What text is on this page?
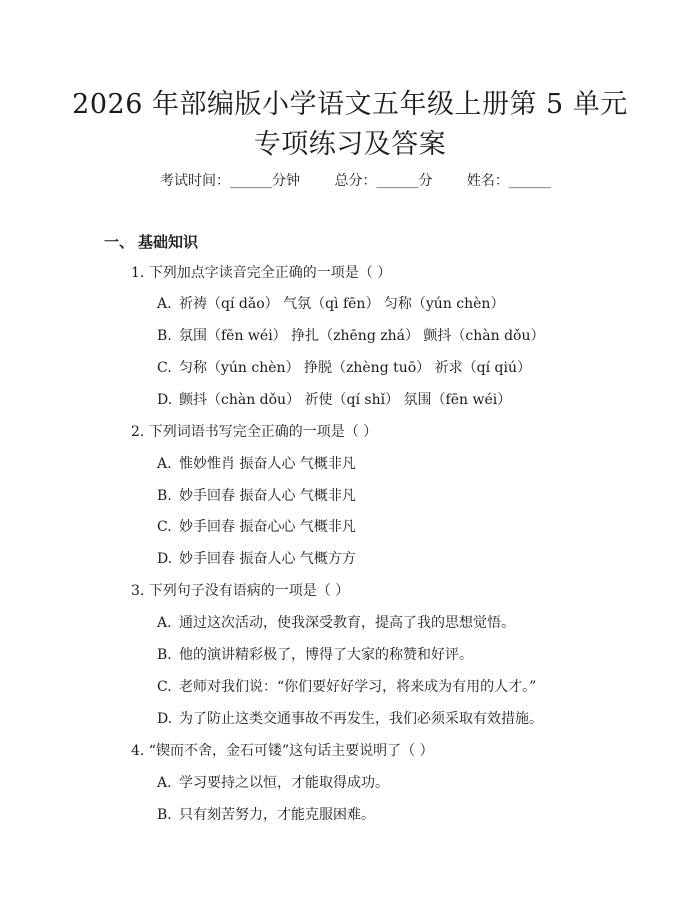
2026 年部编版小学语文五年级上册第 5 单元
专项练习及答案
考试时间：______分钟 总分：______分 姓名：______
一、 基础知识
1. 下列加点字读音完全正确的一项是（ ）
A. 祈祷（qí dǎo） 气氛（qì fēn） 匀称（yún chèn）
B. 氛围（fēn wéi） 挣扎（zhēng zhá） 颤抖（chàn dǒu）
C. 匀称（yún chèn） 挣脱（zhèng tuō） 祈求（qí qiú）
D. 颤抖（chàn dǒu） 祈使（qí shǐ） 氛围（fēn wéi）
2. 下列词语书写完全正确的一项是（ ）
A. 惟妙惟肖 振奋人心 气概非凡
B. 妙手回春 振奋人心 气概非凡
C. 妙手回春 振奋心心 气概非凡
D. 妙手回春 振奋人心 气概方方
3. 下列句子没有语病的一项是（ ）
A. 通过这次活动，使我深受教育，提高了我的思想觉悟。
B. 他的演讲精彩极了，博得了大家的称赞和好评。
C. 老师对我们说：“你们要好好学习，将来成为有用的人才。”
D. 为了防止这类交通事故不再发生，我们必须采取有效措施。
4. “锲而不舍，金石可镂”这句话主要说明了（ ）
A. 学习要持之以恒，才能取得成功。
B. 只有刻苦努力，才能克服困难。
